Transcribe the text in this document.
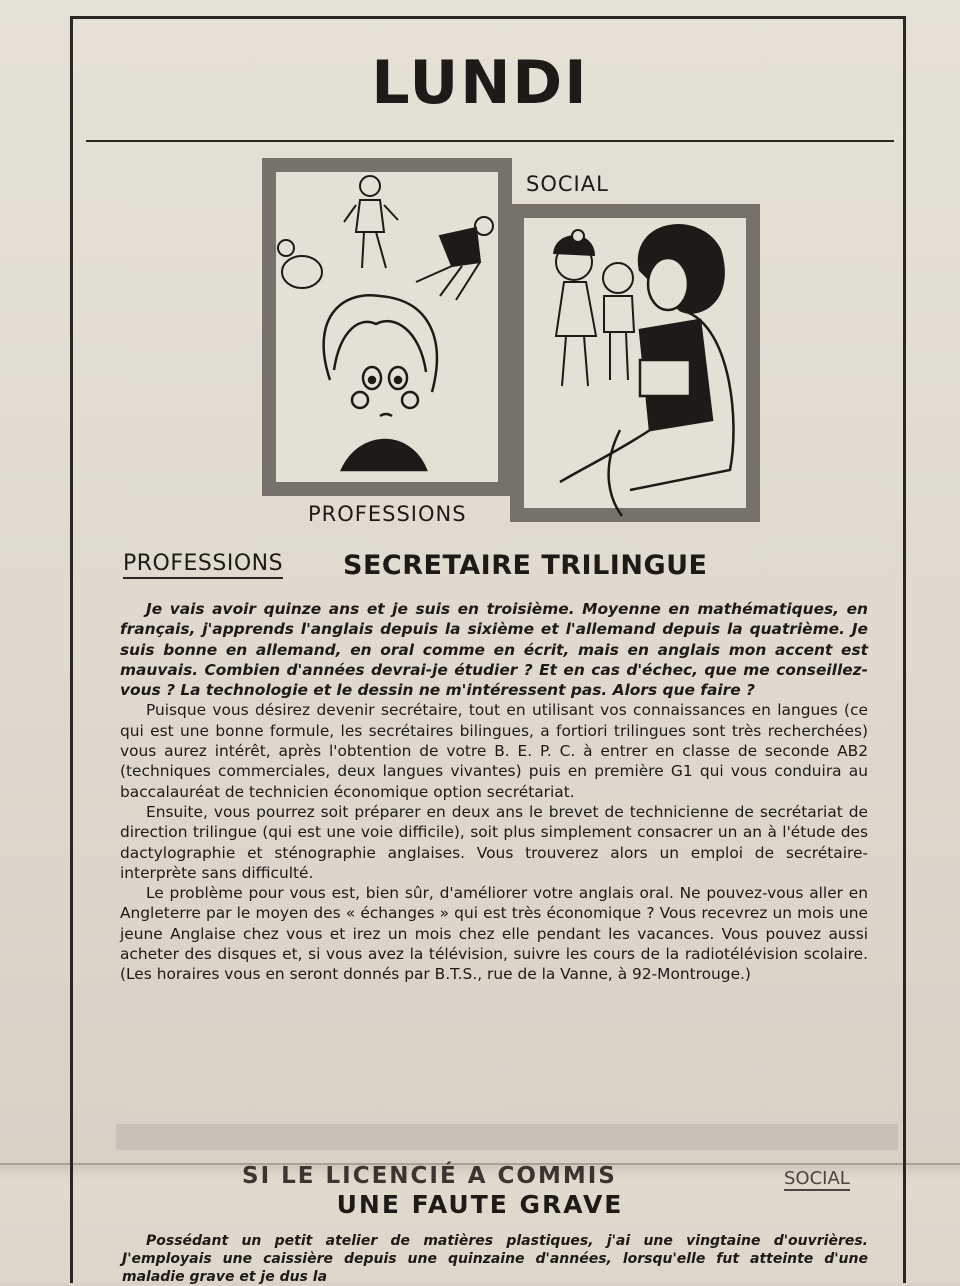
LUNDI
SOCIAL
PROFESSIONS
PROFESSIONS SECRETAIRE TRILINGUE

Je vais avoir quinze ans et je suis en troisième. Moyenne en mathématiques, en français, j'apprends l'anglais depuis la sixième et l'allemand depuis la quatrième. Je suis bonne en allemand, en oral comme en écrit, mais en anglais mon accent est mauvais. Combien d'années devrai-je étudier ? Et en cas d'échec, que me conseillez-vous ? La technologie et le dessin ne m'intéressent pas. Alors que faire ?

Puisque vous désirez devenir secrétaire, tout en utilisant vos connaissances en langues (ce qui est une bonne formule, les secrétaires bilingues, a fortiori trilingues sont très recherchées) vous aurez intérêt, après l'obtention de votre B. E. P. C. à entrer en classe de seconde AB2 (techniques commerciales, deux langues vivantes) puis en première G1 qui vous conduira au baccalauréat de technicien économique option secrétariat.

Ensuite, vous pourrez soit préparer en deux ans le brevet de technicienne de secrétariat de direction trilingue (qui est une voie difficile), soit plus simplement consacrer un an à l'étude des dactylographie et sténographie anglaises. Vous trouverez alors un emploi de secrétaire-interprète sans difficulté.

Le problème pour vous est, bien sûr, d'améliorer votre anglais oral. Ne pouvez-vous aller en Angleterre par le moyen des « échanges » qui est très économique ? Vous recevrez un mois une jeune Anglaise chez vous et irez un mois chez elle pendant les vacances. Vous pouvez aussi acheter des disques et, si vous avez la télévision, suivre les cours de la radiotélévision scolaire. (Les horaires vous en seront donnés par B.T.S., rue de la Vanne, à 92-Montrouge.)

SI LE LICENCIÉ A COMMIS	SOCIAL
UNE FAUTE GRAVE

Possédant un petit atelier de matières plastiques, j'ai une vingtaine d'ouvrières. J'employais une caissière depuis une quinzaine d'années, lorsqu'elle fut atteinte d'une maladie grave et je dus la
